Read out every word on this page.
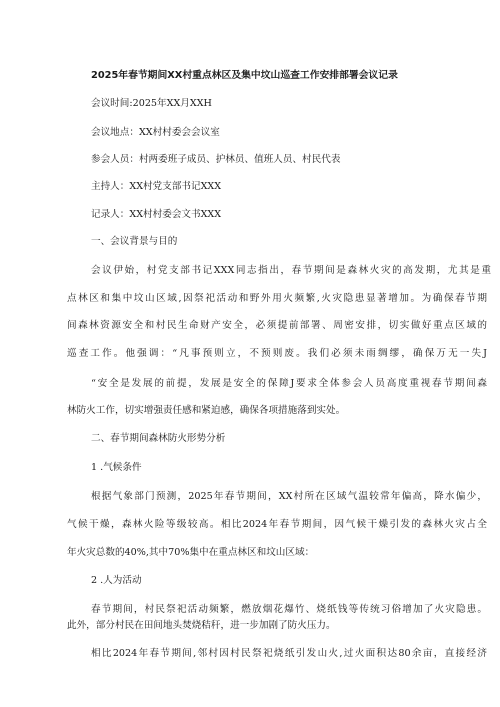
2025年春节期间XX村重点林区及集中坟山巡查工作安排部署会议记录
会议时间:2025年XX月XXH
会议地点：XX村村委会会议室
参会人员：村两委班子成员、护林员、值班人员、村民代表
主持人：XX村党支部书记XXX
记录人：XX村村委会文书XXX
一、会议背景与目的
会议伊始，村党支部书记XXX同志指出，春节期间是森林火灾的高发期，尤其是重
点林区和集中坟山区域,因祭祀活动和野外用火频繁,火灾隐患显著增加。为确保春节期
间森林资源安全和村民生命财产安全，必须提前部署、周密安排，切实做好重点区域的
巡查工作。他强调：“凡事预则立，不预则废。我们必须未雨绸缪，确保万无一失J
“安全是发展的前提，发展是安全的保障J要求全体参会人员高度重视春节期间森
林防火工作，切实增强责任感和紧迫感，确保各项措施落到实处。
二、春节期间森林防火形势分析
1 .气候条件
根据气象部门预测，2025年春节期间，XX村所在区域气温较常年偏高，降水偏少，
气候干燥，森林火险等级较高。相比2024年春节期间，因气候干燥引发的森林火灾占全
年火灾总数的40%,其中70%集中在重点林区和坟山区域：
2 .人为活动
春节期间，村民祭祀活动频繁，燃放烟花爆竹、烧纸钱等传统习俗增加了火灾隐患。
此外，部分村民在田间地头焚烧秸秆，进一步加剧了防火压力。
相比2024年春节期间,邻村因村民祭祀烧纸引发山火,过火面积达80余亩，直接经济
